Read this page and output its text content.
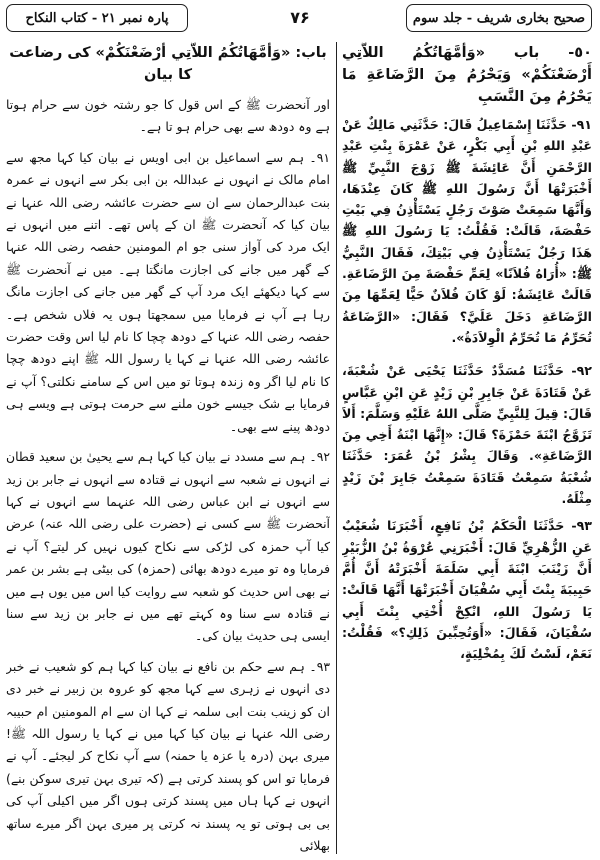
صحیح بخاری شریف - جلد سوم
۷۶
پارہ نمبر ۲۱ - کتاب النکاح

٥٠- باب «وَأُمَّهَاتُكُمُ اللاَّتِي أَرْضَعْنَكُمْ» وَيَحْرُمُ مِنَ الرَّضَاعَةِ مَا يَحْرُمُ مِنَ النَّسَبِ

٩١- حَدَّثَنَا إِسْمَاعِيلُ قَالَ: حَدَّثَنِي مَالِكٌ عَنْ عَبْدِ اللهِ بْنِ أَبِي بَكْرٍ، عَنْ عَمْرَةَ بِنْتِ عَبْدِ الرَّحْمَنِ أَنَّ عَائِشَةَ ﷺ زَوْجَ النَّبِيِّ ﷺ أَخْبَرَتْهَا أَنَّ رَسُولَ اللهِ ﷺ كَانَ عِنْدَهَا، وَأَنَّهَا سَمِعَتْ صَوْتَ رَجُلٍ يَسْتَأْذِنُ فِي بَيْتِ حَفْصَةَ، قَالَتْ: فَقُلْتُ: يَا رَسُولَ اللهِ ﷺ هَذَا رَجُلٌ يَسْتَأْذِنُ فِي بَيْتِكَ، فَقَالَ النَّبِيُّ ﷺ: «أُرَاهُ فُلاَنًا» لِعَمِّ حَفْصَةَ مِنَ الرَّضَاعَةِ. قَالَتْ عَائِشَةُ: لَوْ كَانَ فُلاَنٌ حَيًّا لِعَمِّهَا مِنَ الرَّضَاعَةِ دَخَلَ عَلَيَّ؟ فَقَالَ: «الرَّضَاعَةُ تُحَرِّمُ مَا تُحَرِّمُ الْوِلاَدَةُ».

٩٢- حَدَّثَنَا مُسَدَّدٌ حَدَّثَنَا يَحْيَى عَنْ شُعْبَةَ، عَنْ قَتَادَةَ عَنْ جَابِرِ بْنِ زَيْدٍ عَنِ ابْنِ عَبَّاسٍ قَالَ: قِيلَ لِلنَّبِيِّ صَلَّى اللهُ عَلَيْهِ وَسَلَّمَ: أَلاَ تَزَوَّجُ ابْنَةَ حَمْزَةَ؟ قَالَ: «إِنَّهَا ابْنَةُ أَخِي مِنَ الرَّضَاعَةِ». وَقَالَ بِشْرُ بْنُ عُمَرَ: حَدَّثَنَا شُعْبَةُ سَمِعْتُ قَتَادَةَ سَمِعْتُ جَابِرَ بْنَ زَيْدٍ مِثْلَهُ.

٩٣- حَدَّثَنَا الْحَكَمُ بْنُ نَافِعٍ، أَخْبَرَنَا شُعَيْبٌ عَنِ الزُّهْرِيِّ قَالَ: أَخْبَرَنِي عُرْوَةُ بْنُ الزُّبَيْرِ أَنَّ زَيْنَبَ ابْنَةَ أَبِي سَلَمَةَ أَخْبَرَتْهُ أَنَّ أُمَّ حَبِيبَةَ بِنْتَ أَبِي سُفْيَانَ أَخْبَرَتْهَا أَنَّهَا قَالَتْ: يَا رَسُولَ اللهِ، انْكِحْ أُخْتِي بِنْتَ أَبِي سُفْيَانَ، فَقَالَ: «أَوَتُحِبِّينَ ذَلِكِ؟» فَقُلْتُ: نَعَمْ، لَسْتُ لَكَ بِمُخْلِيَةٍ،

باب: «وَأُمَّهَاتُكُمُ اللاَّتِي أَرْضَعْنَكُمْ» کی رضاعت کا بیان

اور آنحضرت ﷺ کے اس قول کا جو رشتہ خون سے حرام ہوتا ہے وہ دودھ سے بھی حرام ہو تا ہے۔

۹۱۔ ہم سے اسماعیل بن ابی اویس نے بیان کیا کہا مجھ سے امام مالک نے انہوں نے عبداللہ بن ابی بکر سے انہوں نے عمرہ بنت عبدالرحمان سے ان سے حضرت عائشہ رضی اللہ عنہا نے بیان کیا کہ آنحضرت ﷺ ان کے پاس تھے۔ اتنے میں انہوں نے ایک مرد کی آواز سنی جو ام المومنین حفصہ رضی اللہ عنہا کے گھر میں جانے کی اجازت مانگتا ہے۔ میں نے آنحضرت ﷺ سے کہا دیکھئے ایک مرد آپ کے گھر میں جانے کی اجازت مانگ رہا ہے آپ نے فرمایا میں سمجھتا ہوں یہ فلاں شخص ہے۔ حفصہ رضی اللہ عنہا کے دودھ چچا کا نام لیا اس وقت حضرت عائشہ رضی اللہ عنہا نے کہا یا رسول اللہ ﷺ اپنے دودھ چچا کا نام لیا اگر وہ زندہ ہوتا تو میں اس کے سامنے نکلتی؟ آپ نے فرمایا بے شک جیسے خون ملنے سے حرمت ہوتی ہے ویسے ہی دودھ پینے سے بھی۔

۹۲۔ ہم سے مسدد نے بیان کیا کہا ہم سے یحییٰ بن سعید قطان نے انہوں نے شعبہ سے انہوں نے قتادہ سے انہوں نے جابر بن زید سے انہوں نے ابن عباس رضی اللہ عنہما سے انہوں نے کہا آنحضرت ﷺ سے کسی نے (حضرت علی رضی اللہ عنہ) عرض کیا آپ حمزہ کی لڑکی سے نکاح کیوں نہیں کر لیتے؟ آپ نے فرمایا وہ تو میرے دودھ بھائی (حمزہ) کی بیٹی ہے بشر بن عمر نے بھی اس حدیث کو شعبہ سے روایت کیا اس میں یوں ہے میں نے قتادہ سے سنا وہ کہتے تھے میں نے جابر بن زید سے سنا ایسی ہی حدیث بیان کی۔

۹۳۔ ہم سے حکم بن نافع نے بیان کیا کہا ہم کو شعیب نے خبر دی انہوں نے زہری سے کہا مجھ کو عروہ بن زبیر نے خبر دی ان کو زینب بنت ابی سلمہ نے کہا ان سے ام المومنین ام حبیبہ رضی اللہ عنہا نے بیان کیا کہا میں نے کہا یا رسول اللہ ﷺ! میری بہن (درہ یا عزہ یا حمنہ) سے آپ نکاح کر لیجئے۔ آپ نے فرمایا تو اس کو پسند کرتی ہے (کہ تیری بہن تیری سوکن بنے) انہوں نے کہا ہاں میں پسند کرتی ہوں اگر میں اکیلی آپ کی بی بی ہوتی تو یہ پسند نہ کرتی پر میری بہن اگر میرے ساتھ بھلائی
